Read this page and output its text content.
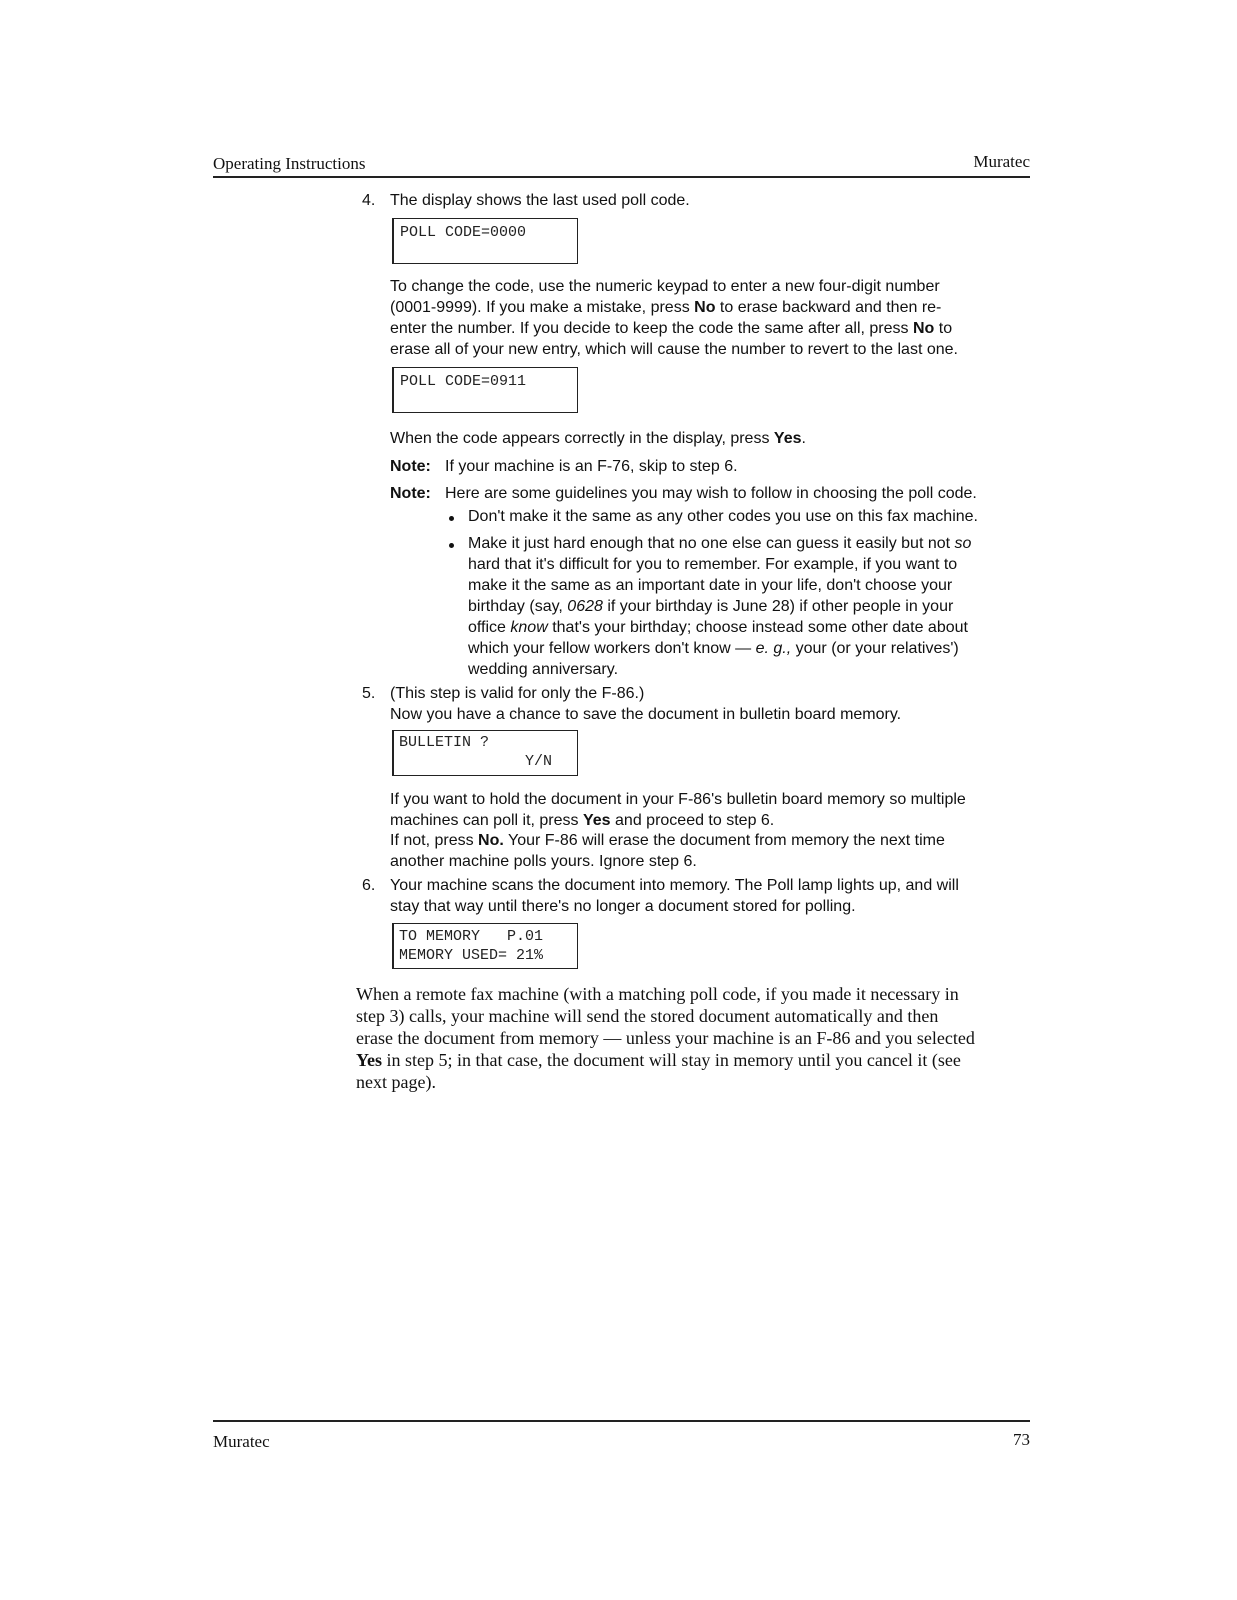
Operating Instructions	Muratec
4. The display shows the last used poll code.
POLL CODE=0000
To change the code, use the numeric keypad to enter a new four-digit number
(0001-9999). If you make a mistake, press No to erase backward and then re-
enter the number. If you decide to keep the code the same after all, press No to
erase all of your new entry, which will cause the number to revert to the last one.
POLL CODE=0911
When the code appears correctly in the display, press Yes.
Note: If your machine is an F-76, skip to step 6.
Note: Here are some guidelines you may wish to follow in choosing the poll code.
Don't make it the same as any other codes you use on this fax machine.
Make it just hard enough that no one else can guess it easily but not so
hard that it's difficult for you to remember. For example, if you want to
make it the same as an important date in your life, don't choose your
birthday (say, 0628 if your birthday is June 28) if other people in your
office know that's your birthday; choose instead some other date about
which your fellow workers don't know — e. g., your (or your relatives')
wedding anniversary.
5. (This step is valid for only the F-86.)
Now you have a chance to save the document in bulletin board memory.
BULLETIN ?
Y/N
If you want to hold the document in your F-86's bulletin board memory so multiple
machines can poll it, press Yes and proceed to step 6.
If not, press No. Your F-86 will erase the document from memory the next time
another machine polls yours. Ignore step 6.
6. Your machine scans the document into memory. The Poll lamp lights up, and will
stay that way until there's no longer a document stored for polling.
TO MEMORY   P.01
MEMORY USED= 21%
When a remote fax machine (with a matching poll code, if you made it necessary in
step 3) calls, your machine will send the stored document automatically and then
erase the document from memory — unless your machine is an F-86 and you selected
Yes in step 5; in that case, the document will stay in memory until you cancel it (see
next page).
Muratec	73
